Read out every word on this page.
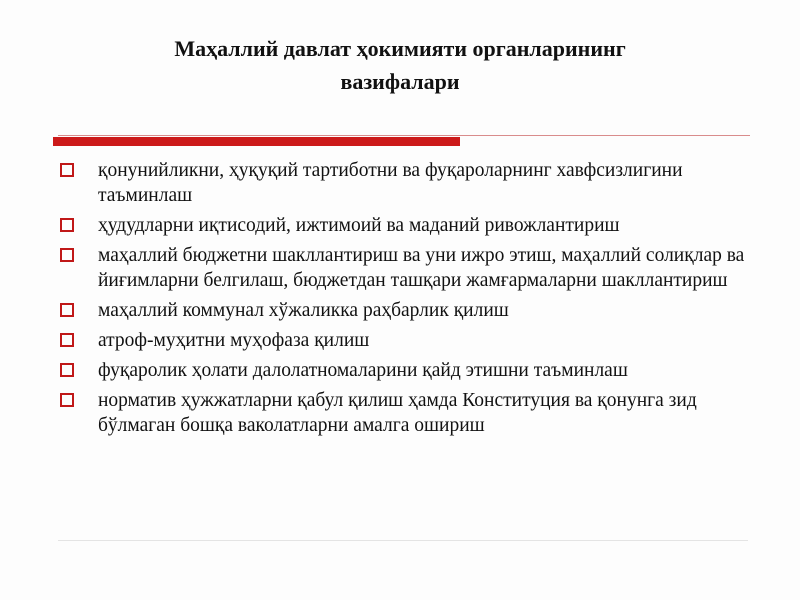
Маҳаллий давлат ҳокимияти органларининг
вазифалари
қонунийликни, ҳуқуқий тартиботни ва фуқароларнинг хавфсизлигини таъминлаш
ҳудудларни иқтисодий, ижтимоий ва маданий ривожлантириш
маҳаллий бюджетни шакллантириш ва уни ижро этиш, маҳаллий солиқлар ва йиғимларни белгилаш, бюджетдан ташқари жамғармаларни шакллантириш
маҳаллий коммунал хўжаликка раҳбарлик қилиш
атроф-муҳитни муҳофаза қилиш
фуқаролик ҳолати далолатномаларини қайд этишни таъминлаш
норматив ҳужжатларни қабул қилиш ҳамда Конституция ва қонунга зид бўлмаган бошқа ваколатларни амалга ошириш
